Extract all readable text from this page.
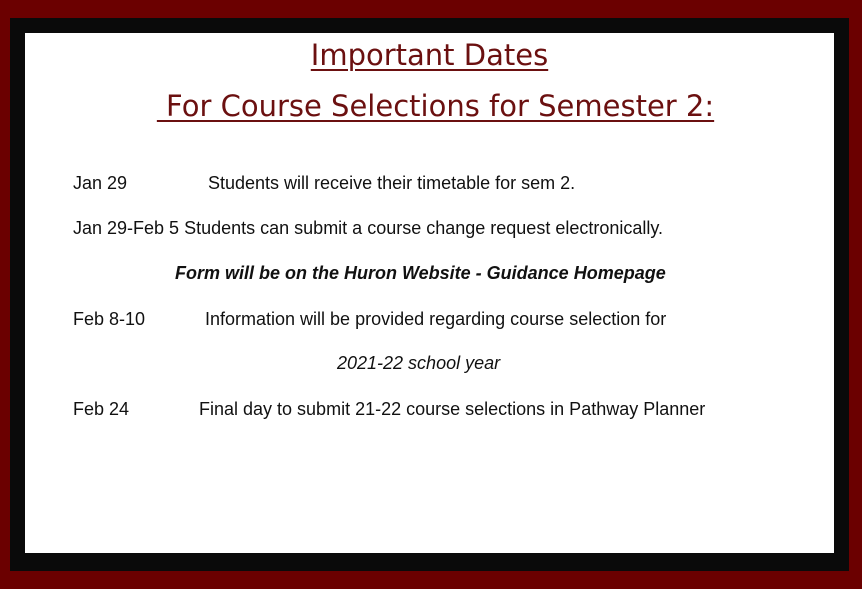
Important Dates
For Course Selections for Semester 2:

Jan 29	Students will receive their timetable for sem 2.

Jan 29-Feb 5 Students can submit a course change request electronically.

Form will be on the Huron Website - Guidance Homepage

Feb 8-10	Information will be provided regarding course selection for

2021-22 school year

Feb 24	Final day to submit 21-22 course selections in Pathway Planner
